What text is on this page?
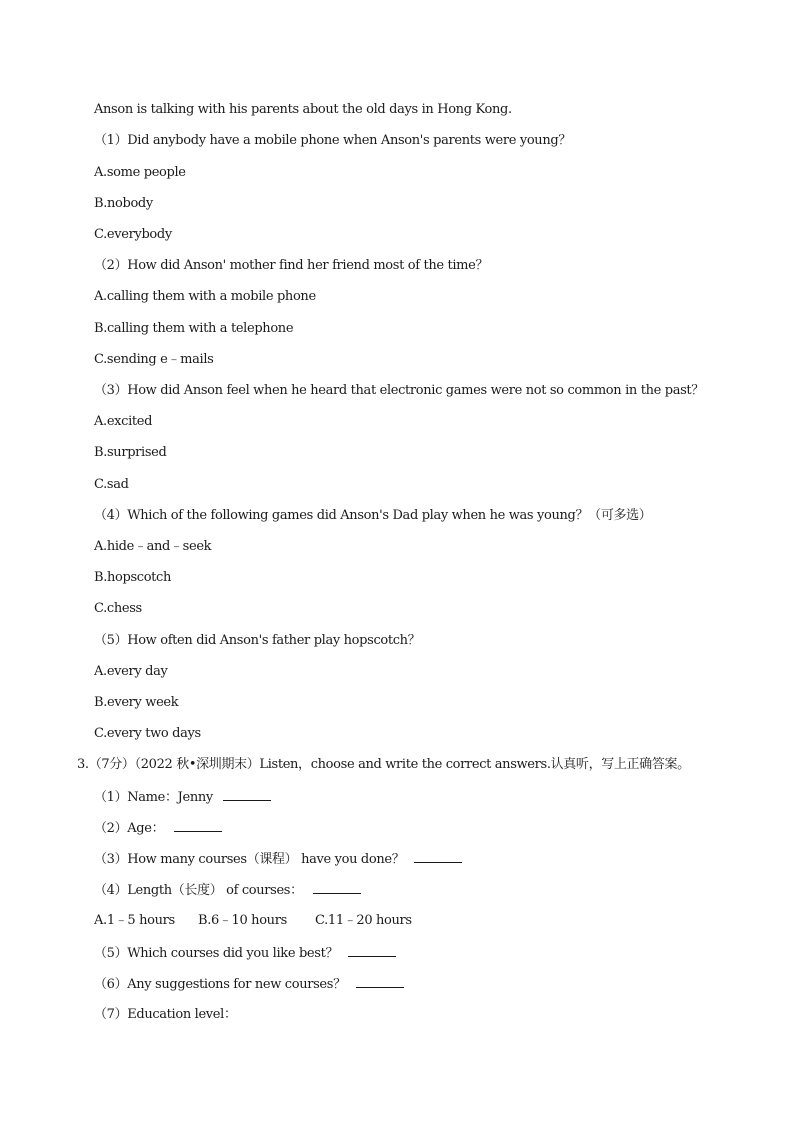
Anson is talking with his parents about the old days in Hong Kong.
（1）Did anybody have a mobile phone when Anson's parents were young？
A.some people
B.nobody
C.everybody
（2）How did Anson' mother find her friend most of the time？
A.calling them with a mobile phone
B.calling them with a telephone
C.sending e﹣mails
（3）How did Anson feel when he heard that electronic games were not so common in the past？
A.excited
B.surprised
C.sad
（4）Which of the following games did Anson's Dad play when he was young？（可多选）
A.hide﹣and﹣seek
B.hopscotch
C.chess
（5）How often did Anson's father play hopscotch？
A.every day
B.every week
C.every two days
3.（7分）（2022 秋•深圳期末）Listen，choose and write the correct answers.认真听，写上正确答案。
（1）Name：Jenny
（2）Age：
（3）How many courses（课程） have you done？
（4）Length（长度） of courses：
A.1﹣5 hours B.6﹣10 hours C.11﹣20 hours
（5）Which courses did you like best？
（6）Any suggestions for new courses？
（7）Education level：
